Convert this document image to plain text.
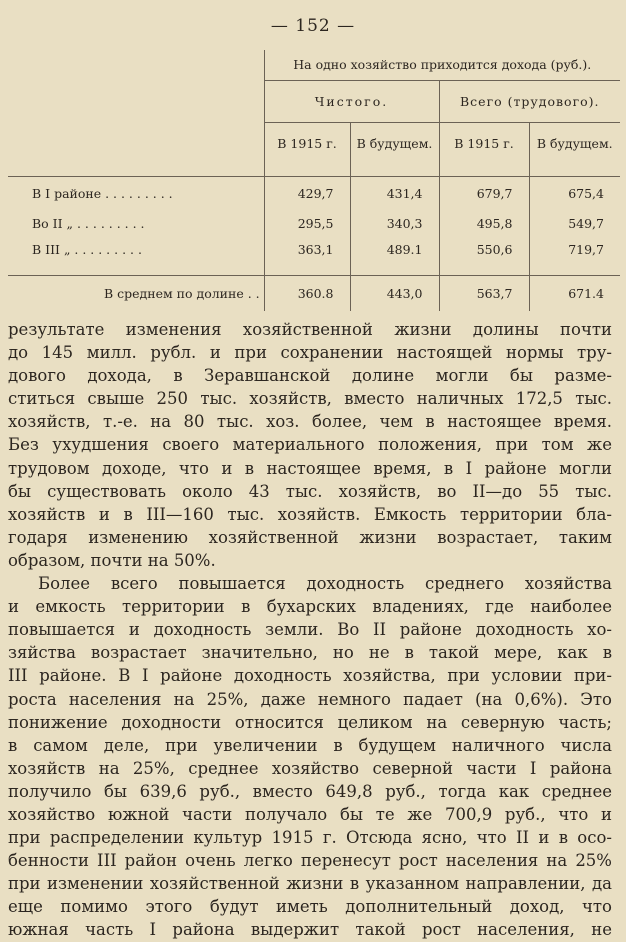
— 152 —
	На одно хозяйство приходится дохода (руб.).			
	Чистого.		Всего (трудового).	
	В 1915 г.	В будущем.	В 1915 г.	В будущем.

В I районе . . . . . . . . .	429,7	431,4	679,7	675,4
Во II „ . . . . . . . . .	295,5	340,3	495,8	549,7
В III „ . . . . . . . . .	363,1	489.1	550,6	719,7

В среднем по долине . .	360.8	443,0	563,7	671.4
результате изменения хозяйственной жизни долины почти
до 145 милл. рубл. и при сохранении настоящей нормы тру-
дового дохода, в Зеравшанской долине могли бы разме-
ститься свыше 250 тыс. хозяйств, вместо наличных 172,5 тыс.
хозяйств, т.-е. на 80 тыс. хоз. более, чем в настоящее время.
Без ухудшения своего материального положения, при том же
трудовом доходе, что и в настоящее время, в I районе могли
бы существовать около 43 тыс. хозяйств, во II—до 55 тыс.
хозяйств и в III—160 тыс. хозяйств. Емкость территории бла-
годаря изменению хозяйственной жизни возрастает, таким
образом, почти на 50%.
Более всего повышается доходность среднего хозяйства
и емкость территории в бухарских владениях, где наиболее
повышается и доходность земли. Во II районе доходность хо-
зяйства возрастает значительно, но не в такой мере, как в
III районе. В I районе доходность хозяйства, при условии при-
роста населения на 25%, даже немного падает (на 0,6%). Это
понижение доходности относится целиком на северную часть;
в самом деле, при увеличении в будущем наличного числа
хозяйств на 25%, среднее хозяйство северной части I района
получило бы 639,6 руб., вместо 649,8 руб., тогда как среднее
хозяйство южной части получало бы те же 700,9 руб., что и
при распределении культур 1915 г. Отсюда ясно, что II и в осо-
бенности III район очень легко перенесут рост населения на 25%
при изменении хозяйственной жизни в указанном направлении, да
еще помимо этого будут иметь дополнительный доход, что
южная часть I района выдержит такой рост населения, не
